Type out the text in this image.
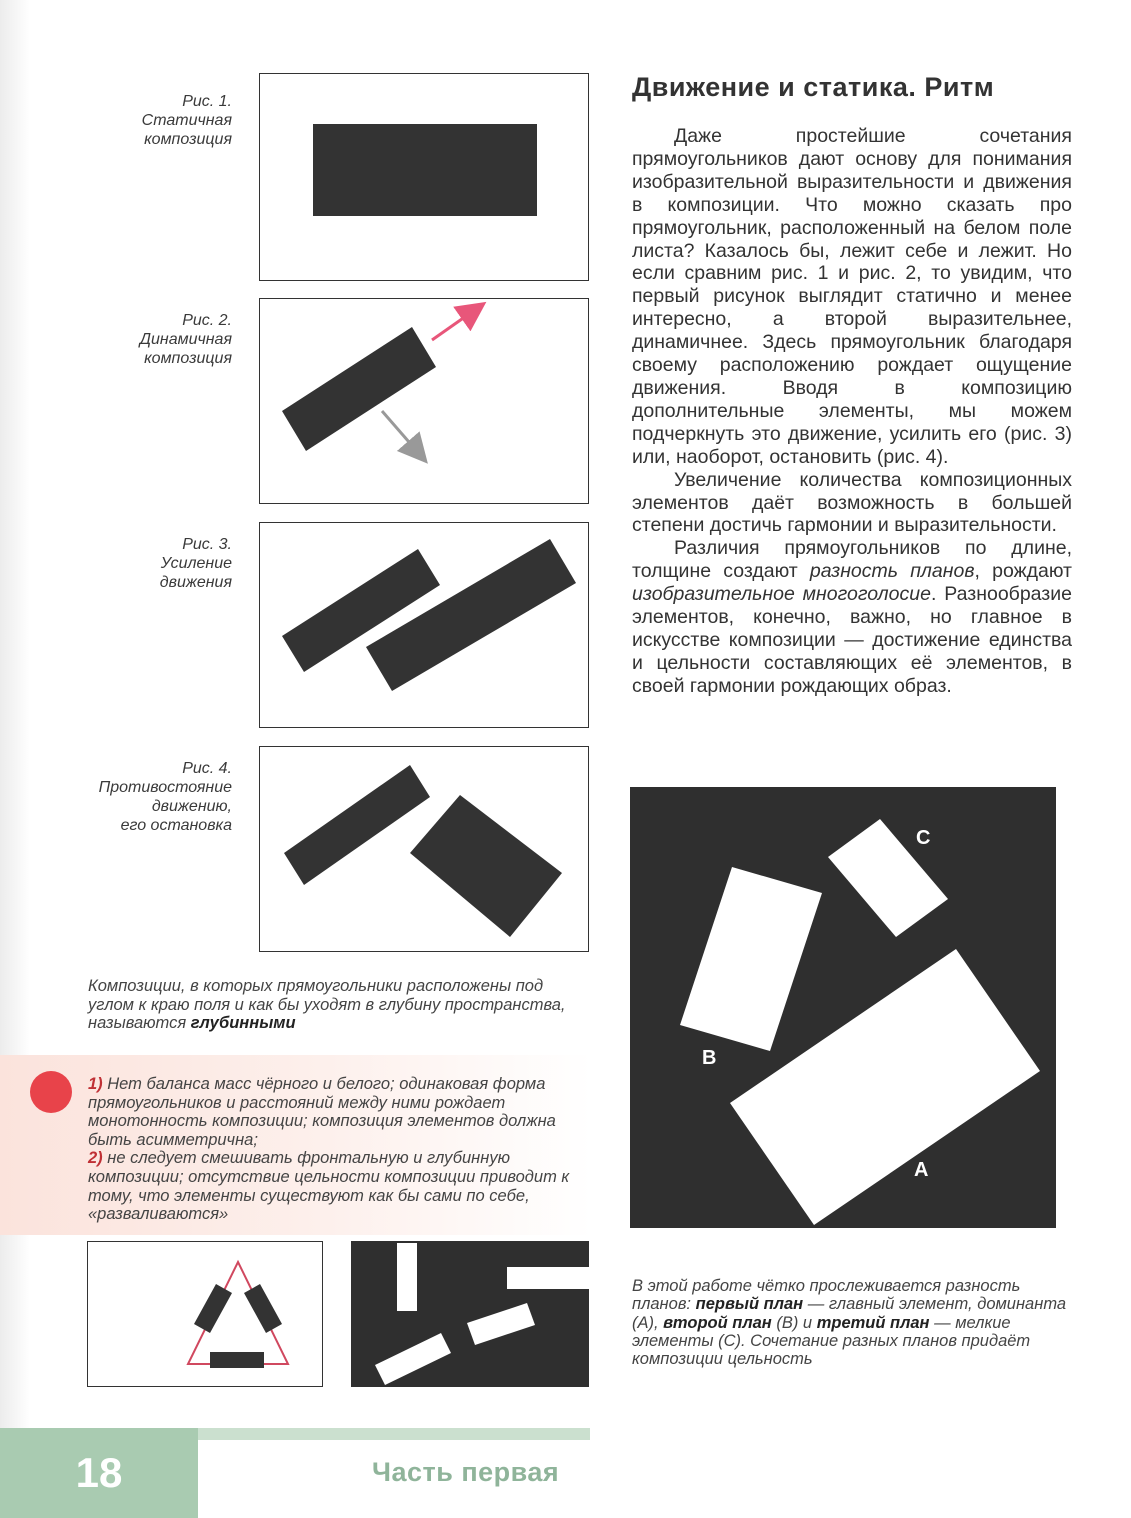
Рис. 1.
Статичная
композиция
Рис. 2.
Динамичная
композиция
Рис. 3.
Усиление
движения
Рис. 4.
Противостояние
движению,
его остановка
Движение и статика. Ритм

Даже простейшие сочетания прямоугольников дают основу для понимания изобразительной выразительности и движения в композиции. Что можно сказать про прямоугольник, расположенный на белом поле листа? Казалось бы, лежит себе и лежит. Но если сравним рис. 1 и рис. 2, то увидим, что первый рисунок выглядит статично и менее интересно, а второй выразительнее, динамичнее. Здесь прямоугольник благодаря своему расположению рождает ощущение движения. Вводя в композицию дополнительные элементы, мы можем подчеркнуть это движение, усилить его (рис. 3) или, наоборот, остановить (рис. 4).

Увеличение количества композиционных элементов даёт возможность в большей степени достичь гармонии и выразительности.

Различия прямоугольников по длине, толщине создают разность планов, рождают изобразительное многоголосие. Разнообразие элементов, конечно, важно, но главное в искусстве композиции — достижение единства и цельности составляющих её элементов, в своей гармонии рождающих образ.

Композиции, в которых прямоугольники расположены под углом к краю поля и как бы уходят в глубину пространства, называются глубинными
1) Нет баланса масс чёрного и белого; одинаковая форма прямоугольников и расстояний между ними рождает монотонность композиции; композиция элементов должна быть асимметрична;
2) не следует смешивать фронтальную и глубинную композиции; отсутствие цельности композиции приводит к тому, что элементы существуют как бы сами по себе, «разваливаются»
C
B
A
В этой работе чётко прослеживается разность планов: первый план — главный элемент, доминанта (А), второй план (В) и третий план — мелкие элементы (С). Сочетание разных планов придаёт композиции цельность
18	Часть первая
